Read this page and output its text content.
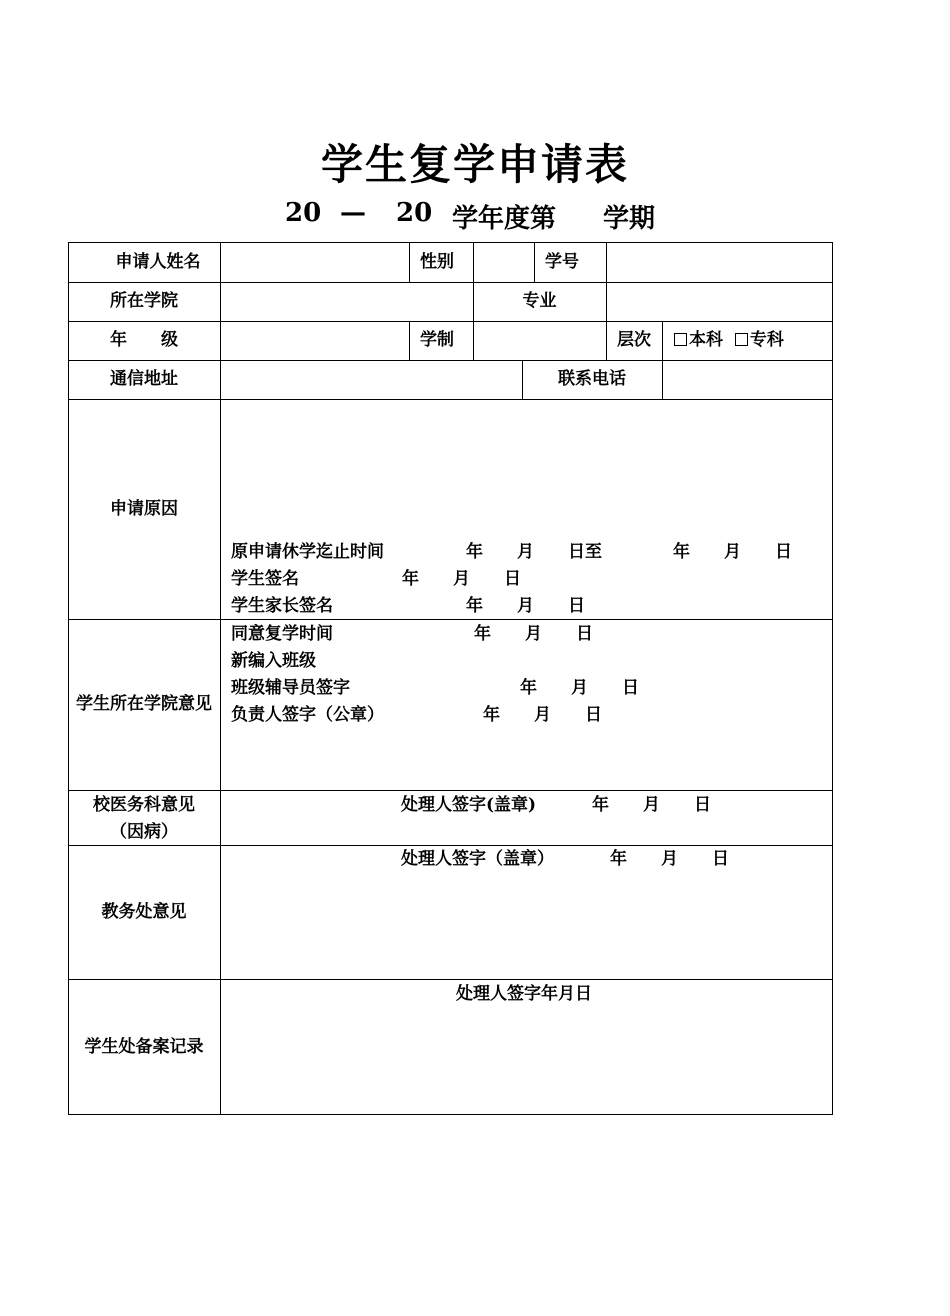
学生复学申请表
20 — 20 学年度第 学期
申请人姓名	性别	学号
所在学院	专业
年　　级	学制	层次	本科 专科
通信地址	联系电话
申请原因
原申请休学迄止时间	年　　月　　日至	年　　月　　日
学生签名	年　　月　　日
学生家长签名	年　　月　　日
学生所在学院意见
同意复学时间	年　　月　　日
新编入班级
班级辅导员签字	年　　月　　日
负责人签字（公章）	年　　月　　日
校医务科意见
（因病）
处理人签字(盖章)	年　　月　　日
教务处意见
处理人签字（盖章）	年　　月　　日
学生处备案记录
处理人签字年月日
